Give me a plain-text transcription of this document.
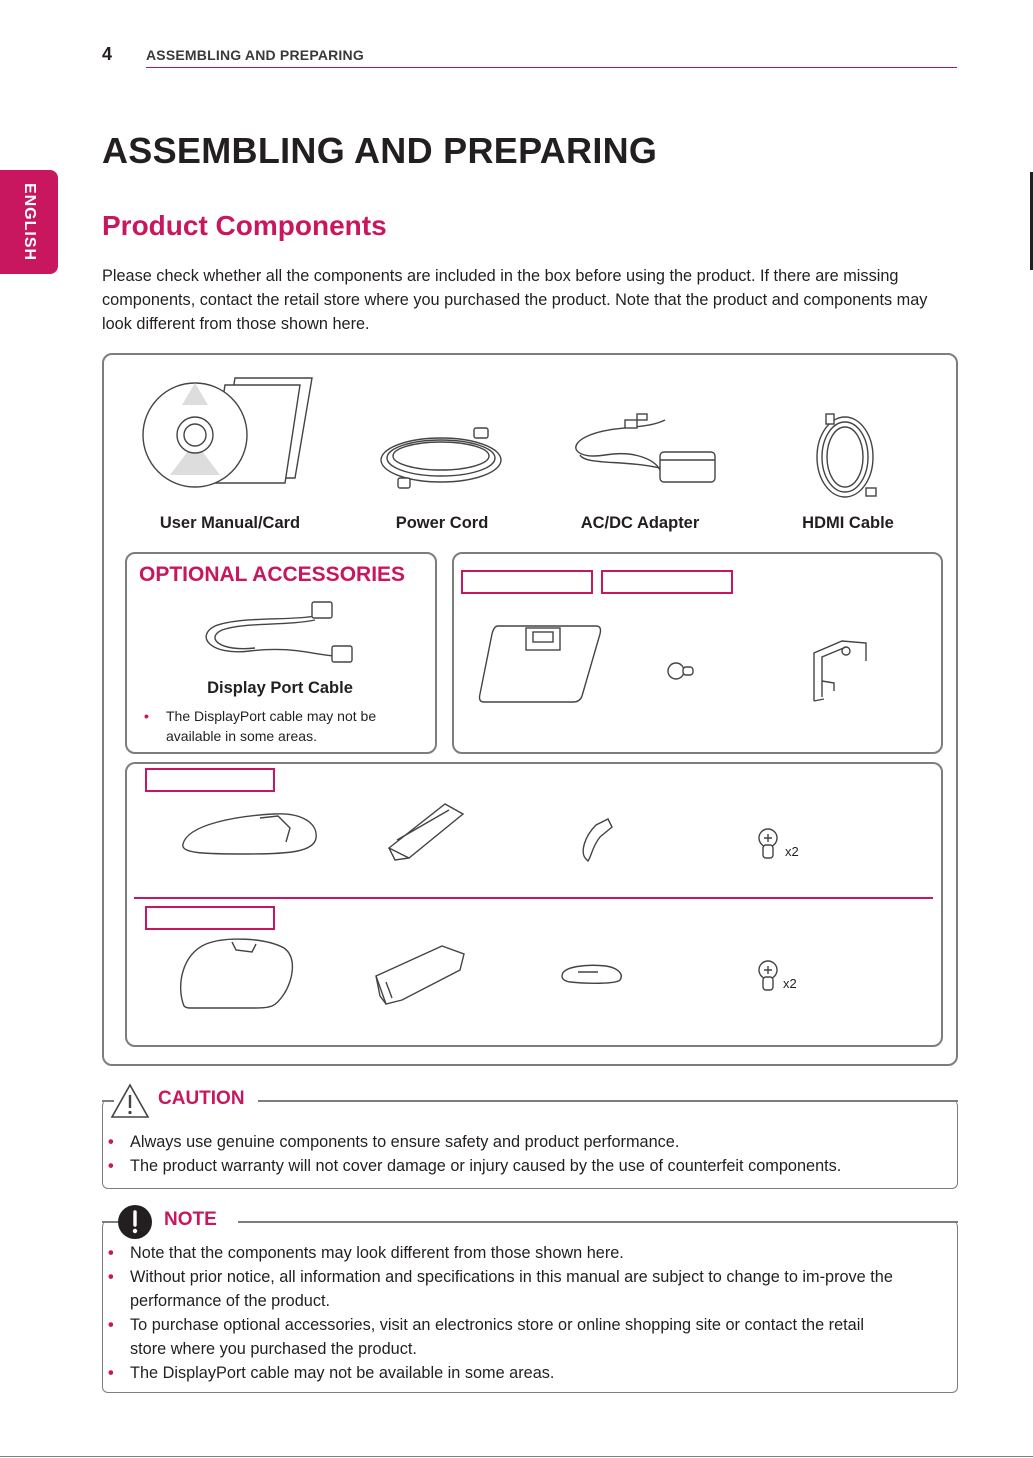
4 ASSEMBLING AND PREPARING
ENGLISH
ASSEMBLING AND PREPARING
Product Components

Please check whether all the components are included in the box before using the product. If there are missing components, contact the retail store where you purchased the product. Note that the product and components may look different from those shown here.

User Manual/Card	Power Cord	AC/DC Adapter	HDMI Cable
OPTIONAL ACCESSORIES
Display Port Cable
• The DisplayPort cable may not be available in some areas.
x2
x2
CAUTION
• Always use genuine components to ensure safety and product performance.
• The product warranty will not cover damage or injury caused by the use of counterfeit components.
NOTE
• Note that the components may look different from those shown here.
• Without prior notice, all information and specifications in this manual are subject to change to im-prove the performance of the product.
• To purchase optional accessories, visit an electronics store or online shopping site or contact the retail store where you purchased the product.
• The DisplayPort cable may not be available in some areas.
